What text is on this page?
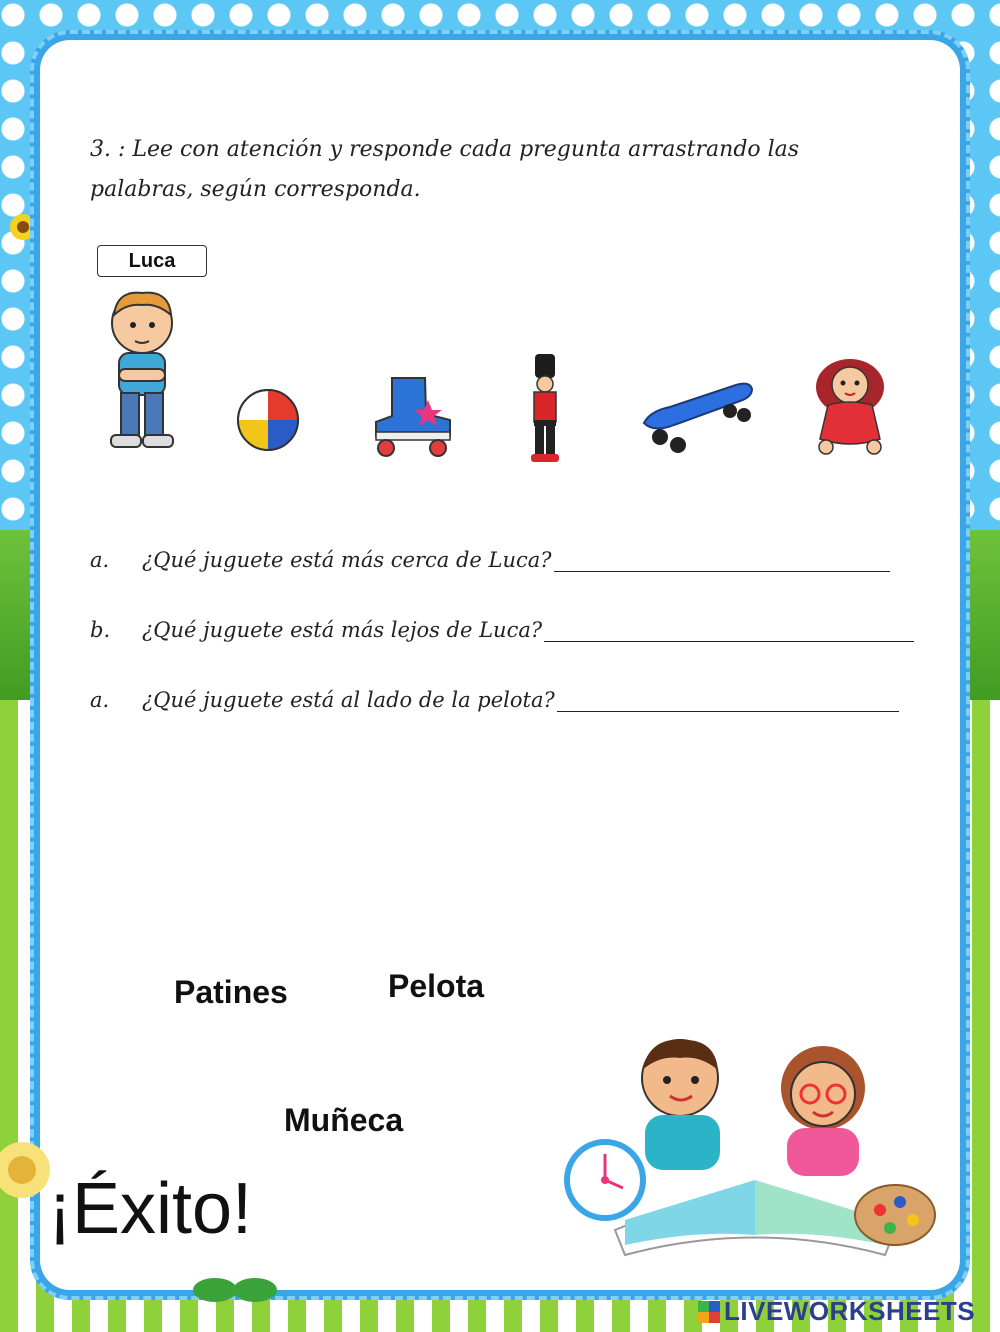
3. : Lee con atención y responde cada pregunta arrastrando las
palabras, según corresponda.
Luca
a.	¿Qué juguete está más cerca de Luca?
b.	¿Qué juguete está más lejos de Luca?
a.	¿Qué juguete está al lado de la pelota?
Patines	Pelota
Muñeca
¡Éxito!
LIVEWORKSHEETS
